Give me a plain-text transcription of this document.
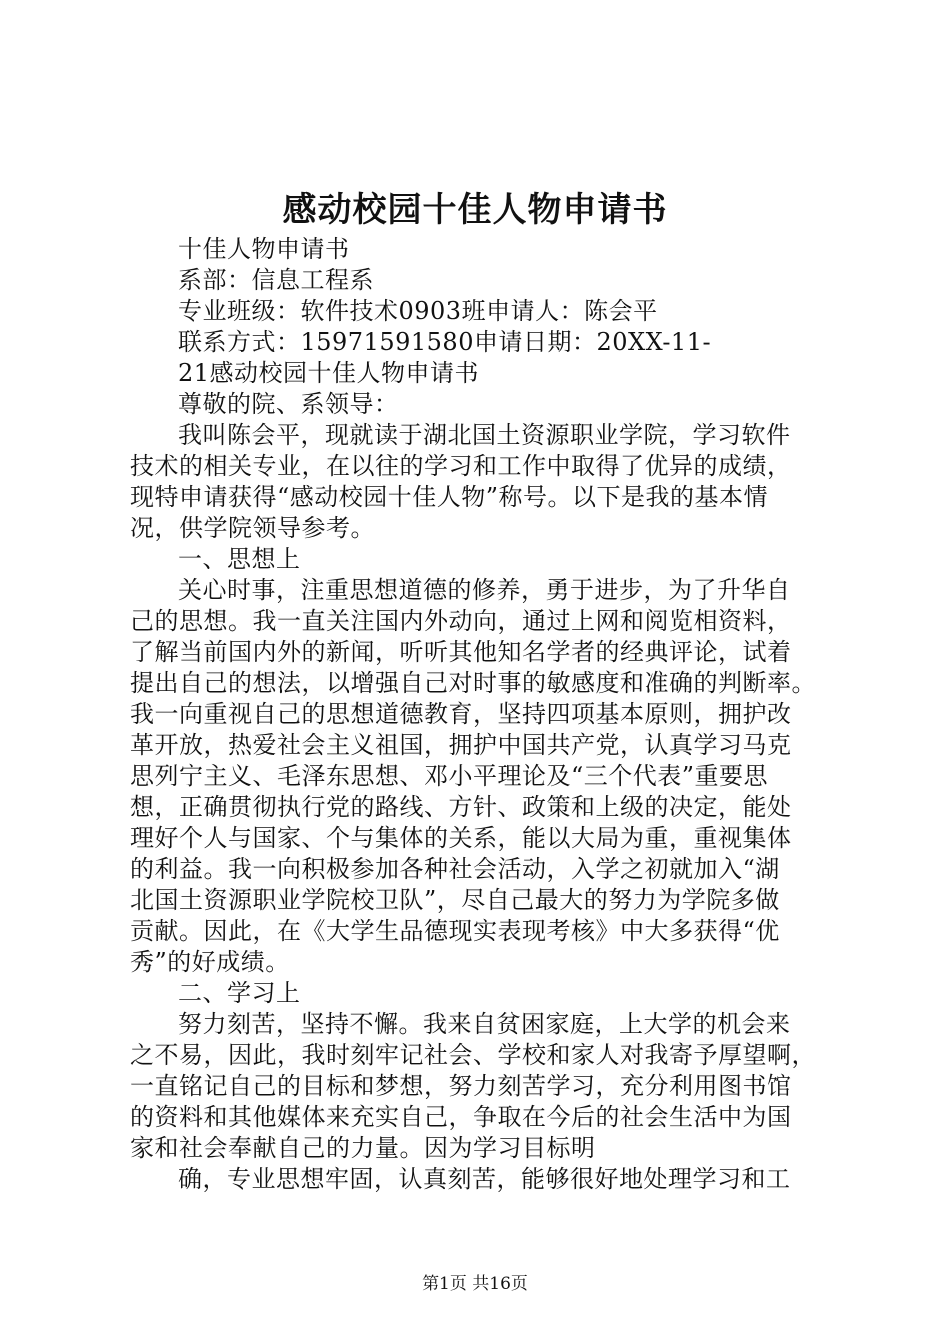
感动校园十佳人物申请书
十佳人物申请书
系部：信息工程系
专业班级：软件技术0903班申请人：陈会平
联系方式：15971591580申请日期：20XX-11-
21感动校园十佳人物申请书
尊敬的院、系领导：
我叫陈会平，现就读于湖北国土资源职业学院，学习软件
技术的相关专业，在以往的学习和工作中取得了优异的成绩，
现特申请获得“感动校园十佳人物”称号。以下是我的基本情
况，供学院领导参考。
一、思想上
关心时事，注重思想道德的修养，勇于进步，为了升华自
己的思想。我一直关注国内外动向，通过上网和阅览相资料，
了解当前国内外的新闻，听听其他知名学者的经典评论，试着
提出自己的想法，以增强自己对时事的敏感度和准确的判断率。
我一向重视自己的思想道德教育，坚持四项基本原则，拥护改
革开放，热爱社会主义祖国，拥护中国共产党，认真学习马克
思列宁主义、毛泽东思想、邓小平理论及“三个代表”重要思
想，正确贯彻执行党的路线、方针、政策和上级的决定，能处
理好个人与国家、个与集体的关系，能以大局为重，重视集体
的利益。我一向积极参加各种社会活动，入学之初就加入“湖
北国土资源职业学院校卫队”，尽自己最大的努力为学院多做
贡献。因此，在《大学生品德现实表现考核》中大多获得“优
秀”的好成绩。
二、学习上
努力刻苦，坚持不懈。我来自贫困家庭，上大学的机会来
之不易，因此，我时刻牢记社会、学校和家人对我寄予厚望啊，
一直铭记自己的目标和梦想，努力刻苦学习，充分利用图书馆
的资料和其他媒体来充实自己，争取在今后的社会生活中为国
家和社会奉献自己的力量。因为学习目标明
确，专业思想牢固，认真刻苦，能够很好地处理学习和工
第1页 共16页
